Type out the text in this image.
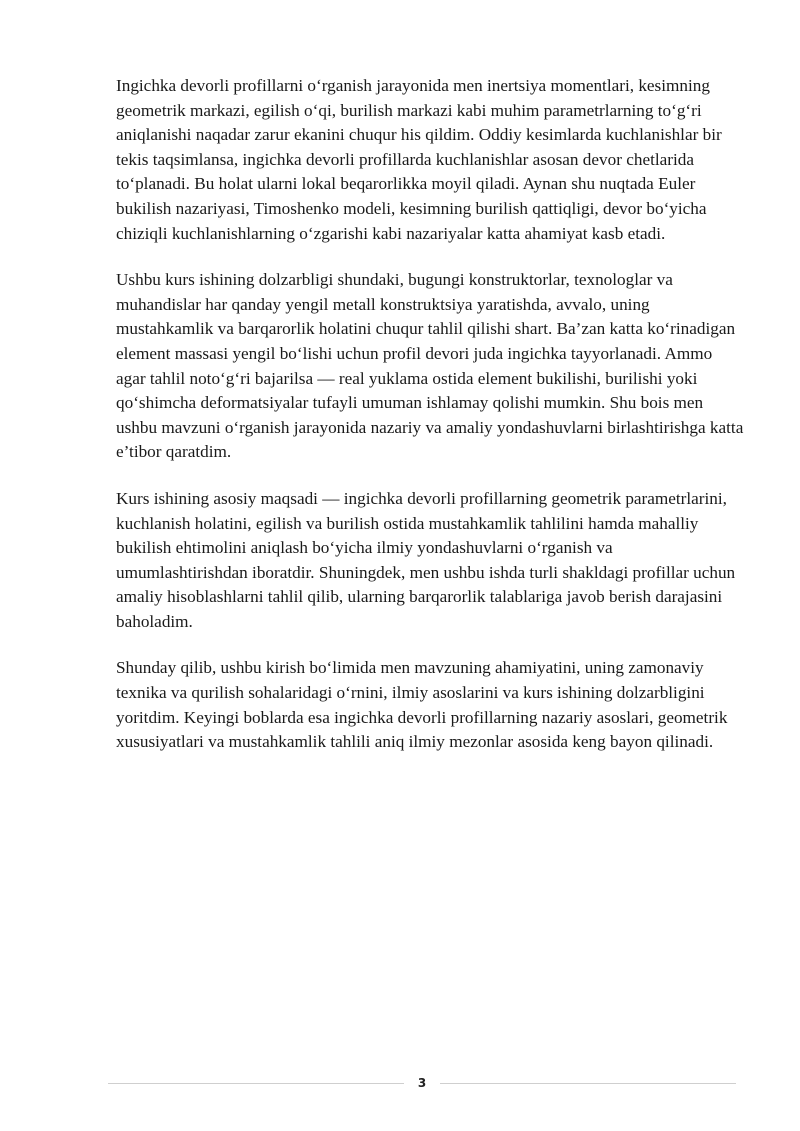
Ingichka devorli profillarni o‘rganish jarayonida men inertsiya momentlari, kesimning geometrik markazi, egilish o‘qi, burilish markazi kabi muhim parametrlarning to‘g‘ri aniqlanishi naqadar zarur ekanini chuqur his qildim. Oddiy kesimlarda kuchlanishlar bir tekis taqsimlansa, ingichka devorli profillarda kuchlanishlar asosan devor chetlarida to‘planadi. Bu holat ularni lokal beqarorlikka moyil qiladi. Aynan shu nuqtada Euler bukilish nazariyasi, Timoshenko modeli, kesimning burilish qattiqligi, devor bo‘yicha chiziqli kuchlanishlarning o‘zgarishi kabi nazariyalar katta ahamiyat kasb etadi.

Ushbu kurs ishining dolzarbligi shundaki, bugungi konstruktorlar, texnologlar va muhandislar har qanday yengil metall konstruktsiya yaratishda, avvalo, uning mustahkamlik va barqarorlik holatini chuqur tahlil qilishi shart. Ba’zan katta ko‘rinadigan element massasi yengil bo‘lishi uchun profil devori juda ingichka tayyorlanadi. Ammo agar tahlil noto‘g‘ri bajarilsa — real yuklama ostida element bukilishi, burilishi yoki qo‘shimcha deformatsiyalar tufayli umuman ishlamay qolishi mumkin. Shu bois men ushbu mavzuni o‘rganish jarayonida nazariy va amaliy yondashuvlarni birlashtirishga katta e’tibor qaratdim.

Kurs ishining asosiy maqsadi — ingichka devorli profillarning geometrik parametrlarini, kuchlanish holatini, egilish va burilish ostida mustahkamlik tahlilini hamda mahalliy bukilish ehtimolini aniqlash bo‘yicha ilmiy yondashuvlarni o‘rganish va umumlashtirishdan iboratdir. Shuningdek, men ushbu ishda turli shakldagi profillar uchun amaliy hisoblashlarni tahlil qilib, ularning barqarorlik talablariga javob berish darajasini baholadim.

Shunday qilib, ushbu kirish bo‘limida men mavzuning ahamiyatini, uning zamonaviy texnika va qurilish sohalaridagi o‘rnini, ilmiy asoslarini va kurs ishining dolzarbligini yoritdim. Keyingi boblarda esa ingichka devorli profillarning nazariy asoslari, geometrik xususiyatlari va mustahkamlik tahlili aniq ilmiy mezonlar asosida keng bayon qilinadi.

3
